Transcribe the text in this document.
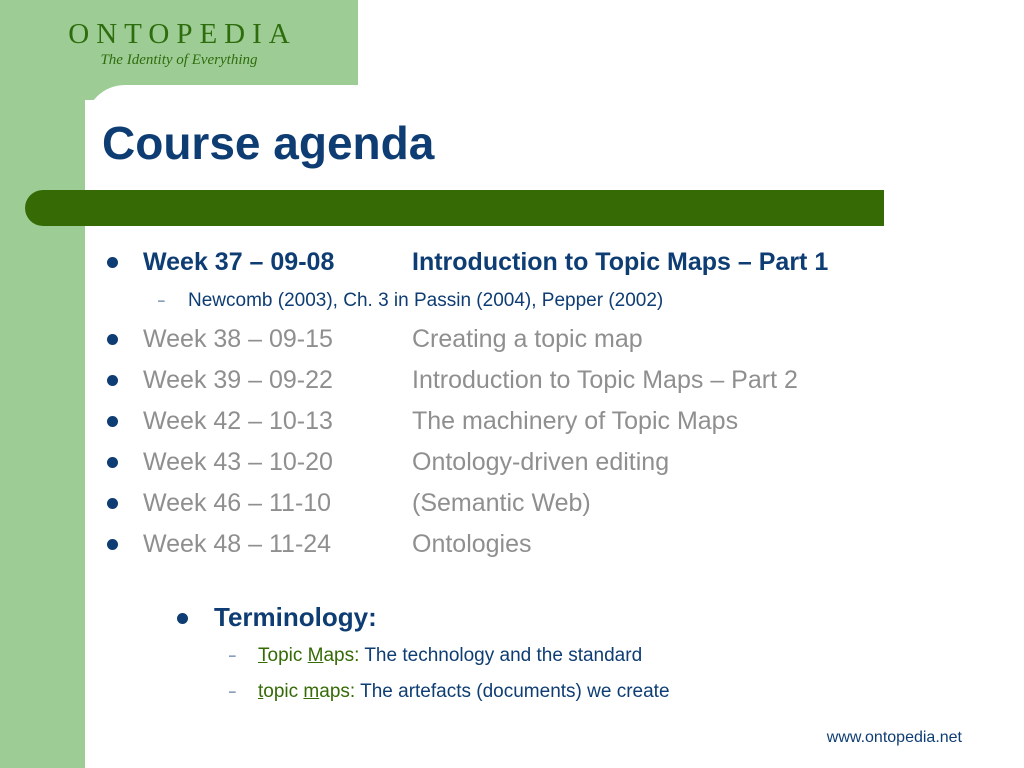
ONTOPEDIA
The Identity of Everything
Course agenda
Week 37 – 09-08	Introduction to Topic Maps – Part 1
– Newcomb (2003), Ch. 3 in Passin (2004), Pepper (2002)
Week 38 – 09-15	Creating a topic map
Week 39 – 09-22	Introduction to Topic Maps – Part 2
Week 42 – 10-13	The machinery of Topic Maps
Week 43 – 10-20	Ontology-driven editing
Week 46 – 11-10	(Semantic Web)
Week 48 – 11-24	Ontologies
Terminology:
– Topic Maps: The technology and the standard
– topic maps: The artefacts (documents) we create
www.ontopedia.net
